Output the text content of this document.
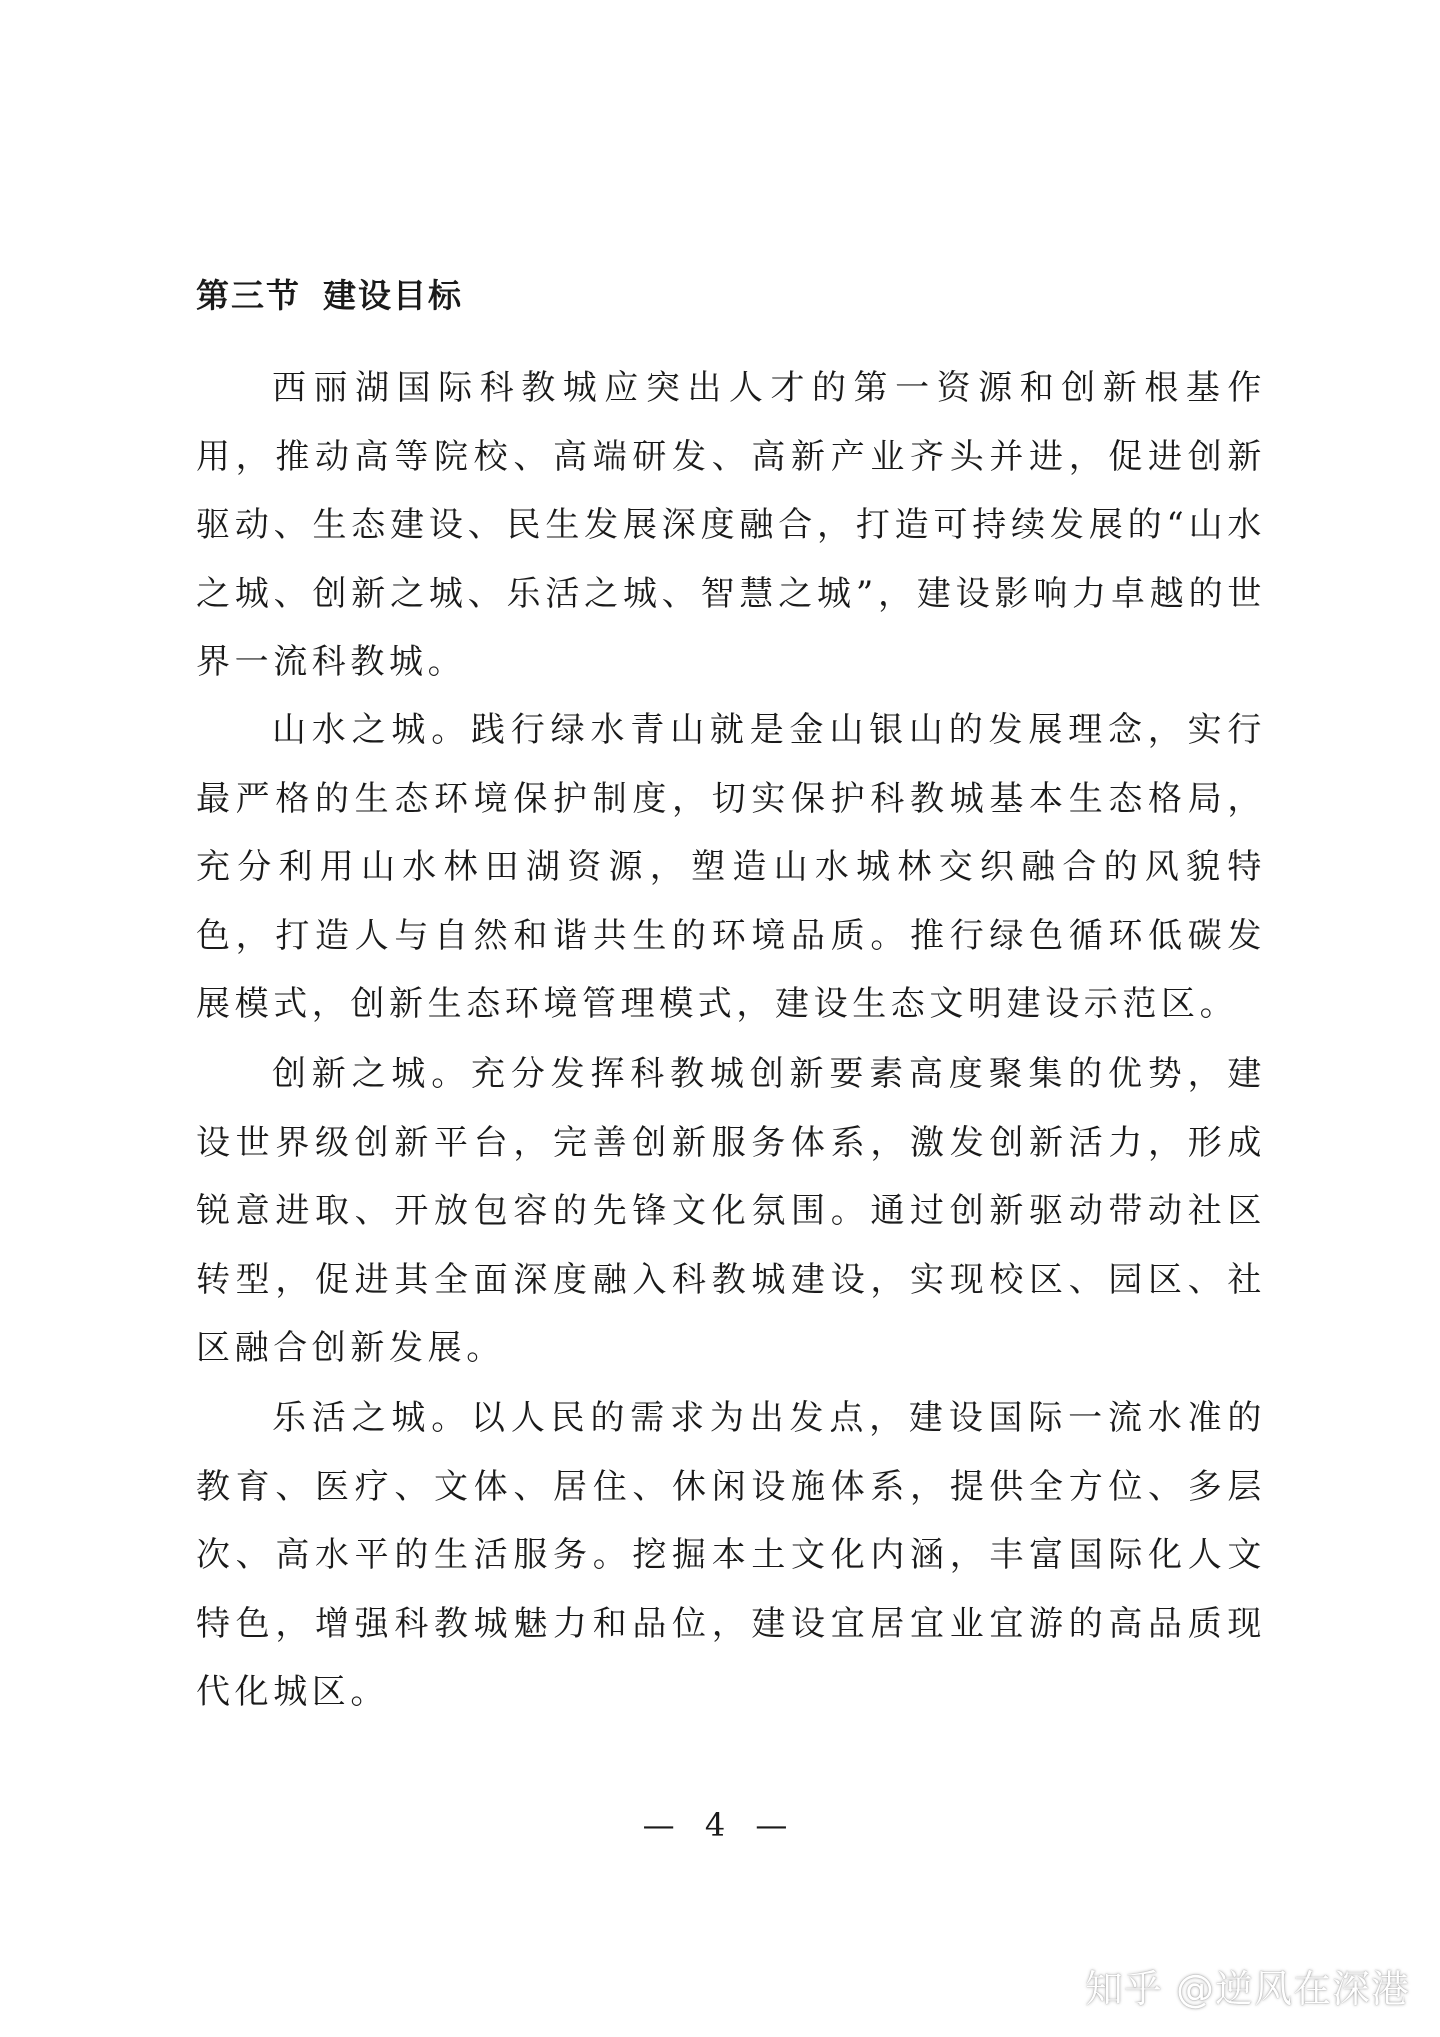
第三节 建设目标

西丽湖国际科教城应突出人才的第一资源和创新根基作用，推动高等院校、高端研发、高新产业齐头并进，促进创新驱动、生态建设、民生发展深度融合，打造可持续发展的“山水之城、创新之城、乐活之城、智慧之城”，建设影响力卓越的世界一流科教城。

山水之城。践行绿水青山就是金山银山的发展理念，实行最严格的生态环境保护制度，切实保护科教城基本生态格局，充分利用山水林田湖资源，塑造山水城林交织融合的风貌特色，打造人与自然和谐共生的环境品质。推行绿色循环低碳发展模式，创新生态环境管理模式，建设生态文明建设示范区。

创新之城。充分发挥科教城创新要素高度聚集的优势，建设世界级创新平台，完善创新服务体系，激发创新活力，形成锐意进取、开放包容的先锋文化氛围。通过创新驱动带动社区转型，促进其全面深度融入科教城建设，实现校区、园区、社区融合创新发展。

乐活之城。以人民的需求为出发点，建设国际一流水准的教育、医疗、文体、居住、休闲设施体系，提供全方位、多层次、高水平的生活服务。挖掘本土文化内涵，丰富国际化人文特色，增强科教城魅力和品位，建设宜居宜业宜游的高品质现代化城区。

— 4 —
知乎 @逆风在深港
